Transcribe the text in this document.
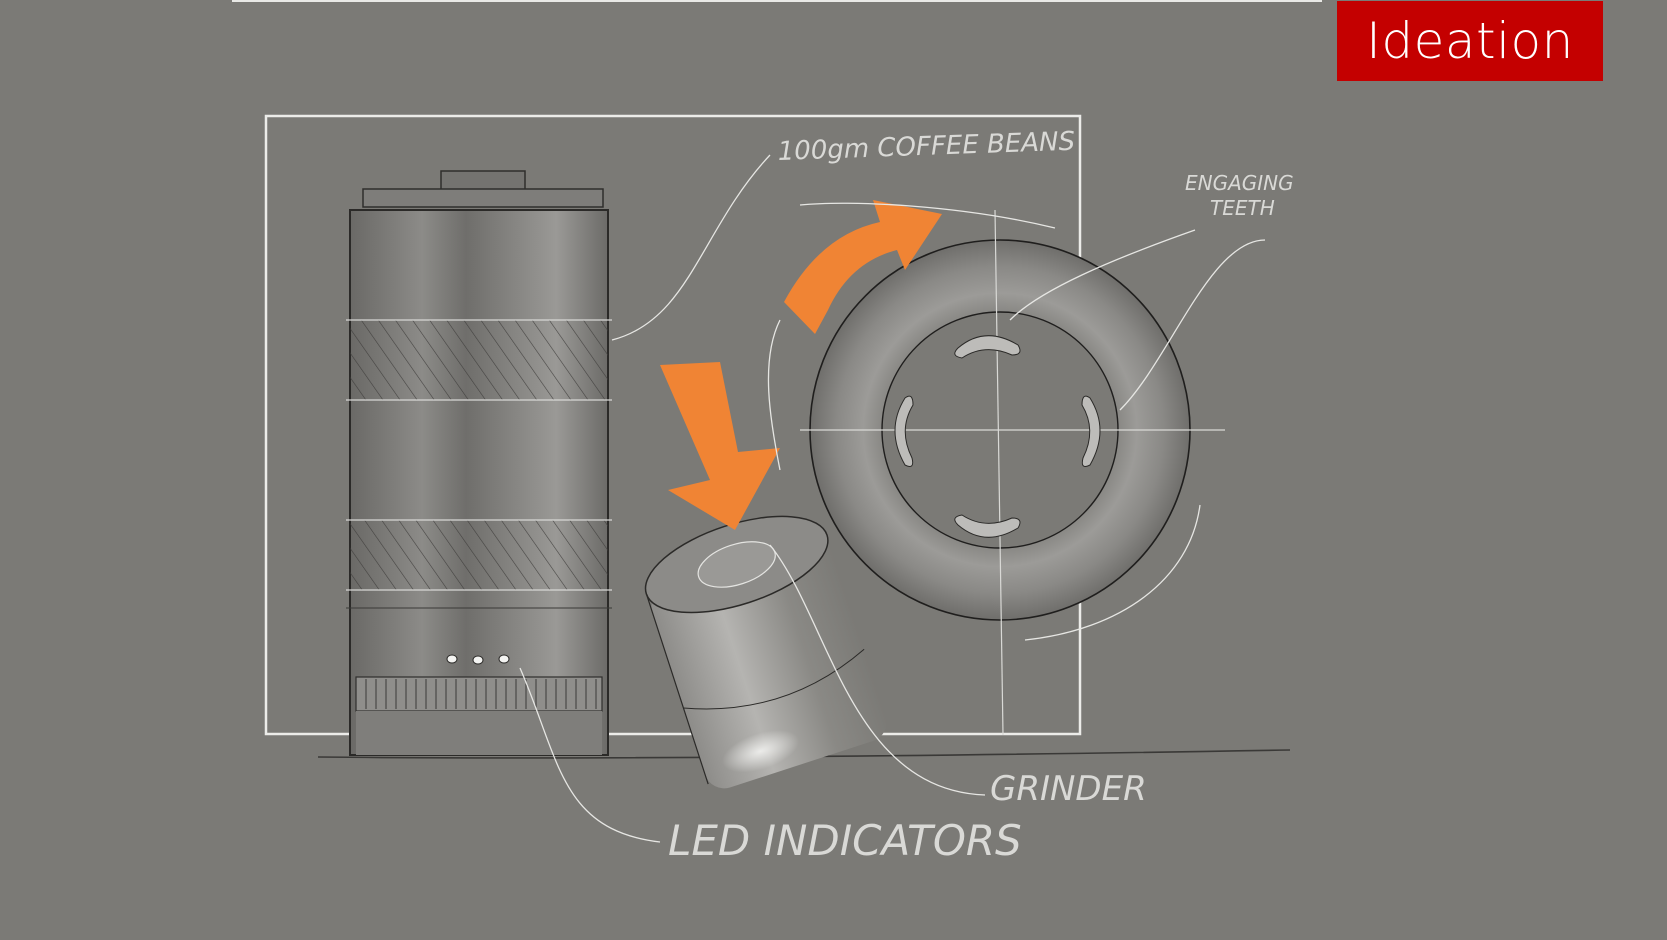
Ideation
100gm COFFEE BEANS
ENGAGING
TEETH
GRINDER
LED INDICATORS
